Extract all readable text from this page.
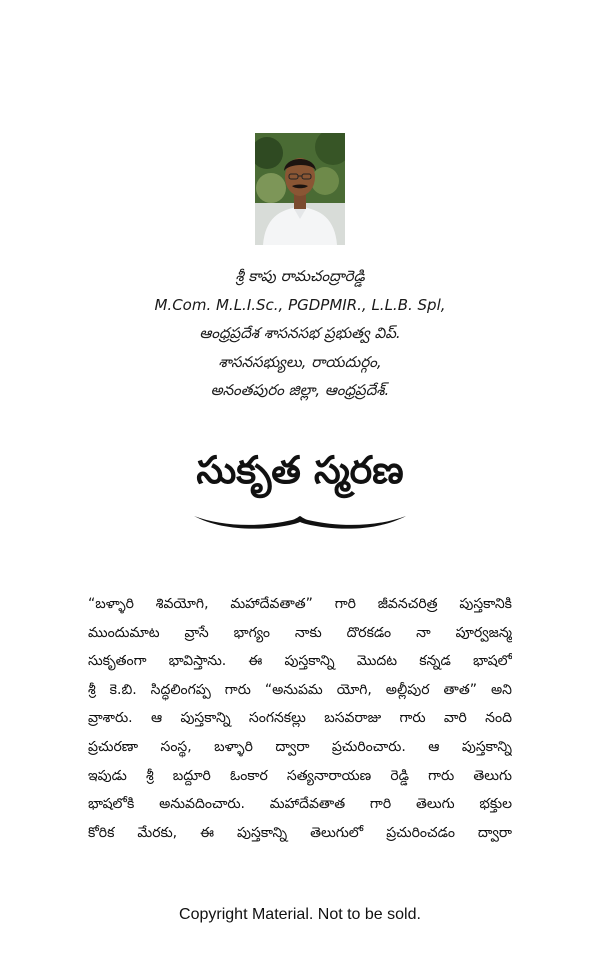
శ్రీ కాపు రామచంద్రారెడ్డి
M.Com. M.L.I.Sc., PGDPMIR., L.L.B. Spl,
ఆంధ్రప్రదేశ శాసనసభ ప్రభుత్వ విప్.
శాసనసభ్యులు, రాయదుర్గం,
అనంతపురం జిల్లా, ఆంధ్రప్రదేశ్.
సుకృత స్మరణ
“బళ్ళారి శివయోగి, మహాదేవతాత” గారి జీవనచరిత్ర పుస్తకానికి
ముందుమాట వ్రాసే భాగ్యం నాకు దొరకడం నా పూర్వజన్మ
సుకృతంగా భావిస్తాను. ఈ పుస్తకాన్ని మొదట కన్నడ భాషలో
శ్రీ కె.బి. సిద్ధలింగప్ప గారు “అనుపమ యోగి, అల్లీపుర తాత” అని
వ్రాశారు. ఆ పుస్తకాన్ని సంగనకల్లు బసవరాజు గారు వారి నంది
ప్రచురణా సంస్థ, బళ్ళారి ద్వారా ప్రచురించారు. ఆ పుస్తకాన్ని
ఇపుడు శ్రీ బద్దూరి ఓంకార సత్యనారాయణ రెడ్డి గారు తెలుగు
భాషలోకి అనువదించారు. మహాదేవతాత గారి తెలుగు భక్తుల
కోరిక మేరకు, ఈ పుస్తకాన్ని తెలుగులో ప్రచురించడం ద్వారా
Copyright Material. Not to be sold.
